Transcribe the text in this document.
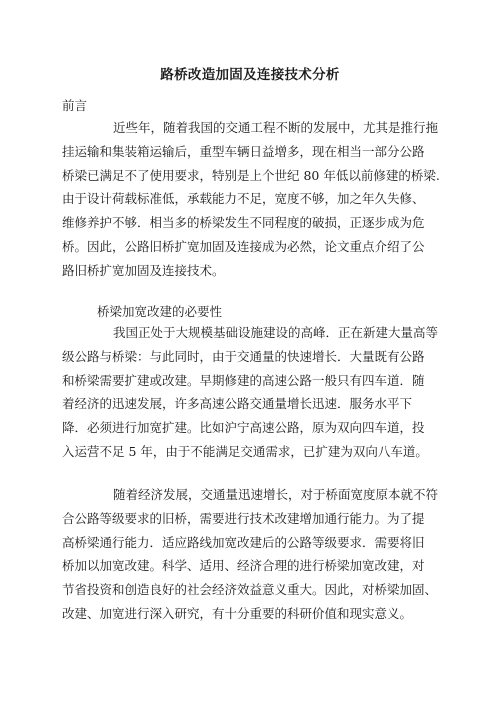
路桥改造加固及连接技术分析
前言
近些年，随着我国的交通工程不断的发展中，尤其是推行拖
挂运输和集装箱运输后，重型车辆日益增多，现在相当一部分公路
桥梁已满足不了使用要求，特别是上个世纪 80 年低以前修建的桥梁.
由于设计荷载标准低，承载能力不足，宽度不够，加之年久失修、
维修养护不够．相当多的桥梁发生不同程度的破损，正逐步成为危
桥。因此，公路旧桥扩宽加固及连接成为必然，论文重点介绍了公
路旧桥扩宽加固及连接技术。
桥梁加宽改建的必要性
我国正处于大规模基础设施建设的高峰．正在新建大量高等
级公路与桥梁：与此同时，由于交通量的快速增长．大量既有公路
和桥梁需要扩建或改建。早期修建的高速公路一般只有四车道．随
着经济的迅速发展，许多高速公路交通量增长迅速．服务水平下
降．必须进行加宽扩建。比如沪宁高速公路，原为双向四车道，投
入运营不足 5 年，由于不能满足交通需求，已扩建为双向八车道。
随着经济发展，交通量迅速增长，对于桥面宽度原本就不符
合公路等级要求的旧桥，需要进行技术改建增加通行能力。为了提
高桥梁通行能力．适应路线加宽改建后的公路等级要求．需要将旧
桥加以加宽改建。科学、适用、经济合理的进行桥梁加宽改建，对
节省投资和创造良好的社会经济效益意义重大。因此，对桥梁加固、
改建、加宽进行深入研究，有十分重要的科研价值和现实意义。
